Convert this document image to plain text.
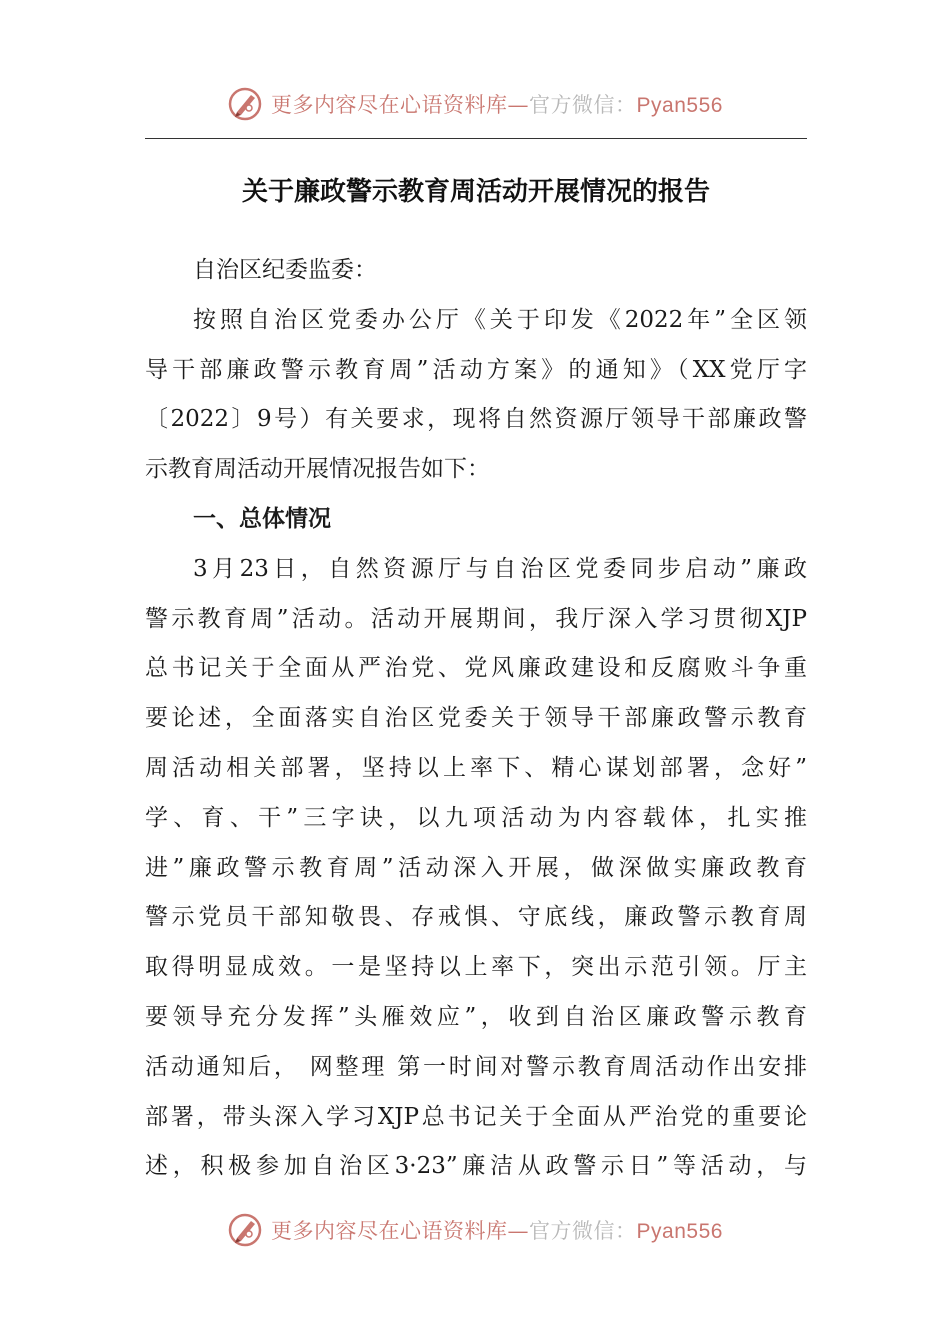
更多内容尽在心语资料库—官方微信：Pyan556
关于廉政警示教育周活动开展情况的报告
自治区纪委监委：
按照自治区党委办公厅《关于印发《2022年”全区领
导干部廉政警示教育周”活动方案》的通知》（XX党厅字
〔2022〕9号）有关要求，现将自然资源厅领导干部廉政警
示教育周活动开展情况报告如下：
一、总体情况
3月23日，自然资源厅与自治区党委同步启动”廉政
警示教育周”活动。活动开展期间，我厅深入学习贯彻XJP
总书记关于全面从严治党、党风廉政建设和反腐败斗争重
要论述，全面落实自治区党委关于领导干部廉政警示教育
周活动相关部署，坚持以上率下、精心谋划部署，念好”
学、育、干”三字诀，以九项活动为内容载体，扎实推
进”廉政警示教育周”活动深入开展，做深做实廉政教育
警示党员干部知敬畏、存戒惧、守底线，廉政警示教育周
取得明显成效。一是坚持以上率下，突出示范引领。厅主
要领导充分发挥”头雁效应”，收到自治区廉政警示教育
活动通知后， 网整理 第一时间对警示教育周活动作出安排
部署，带头深入学习XJP总书记关于全面从严治党的重要论
述，积极参加自治区3·23”廉洁从政警示日”等活动，与
更多内容尽在心语资料库—官方微信：Pyan556
